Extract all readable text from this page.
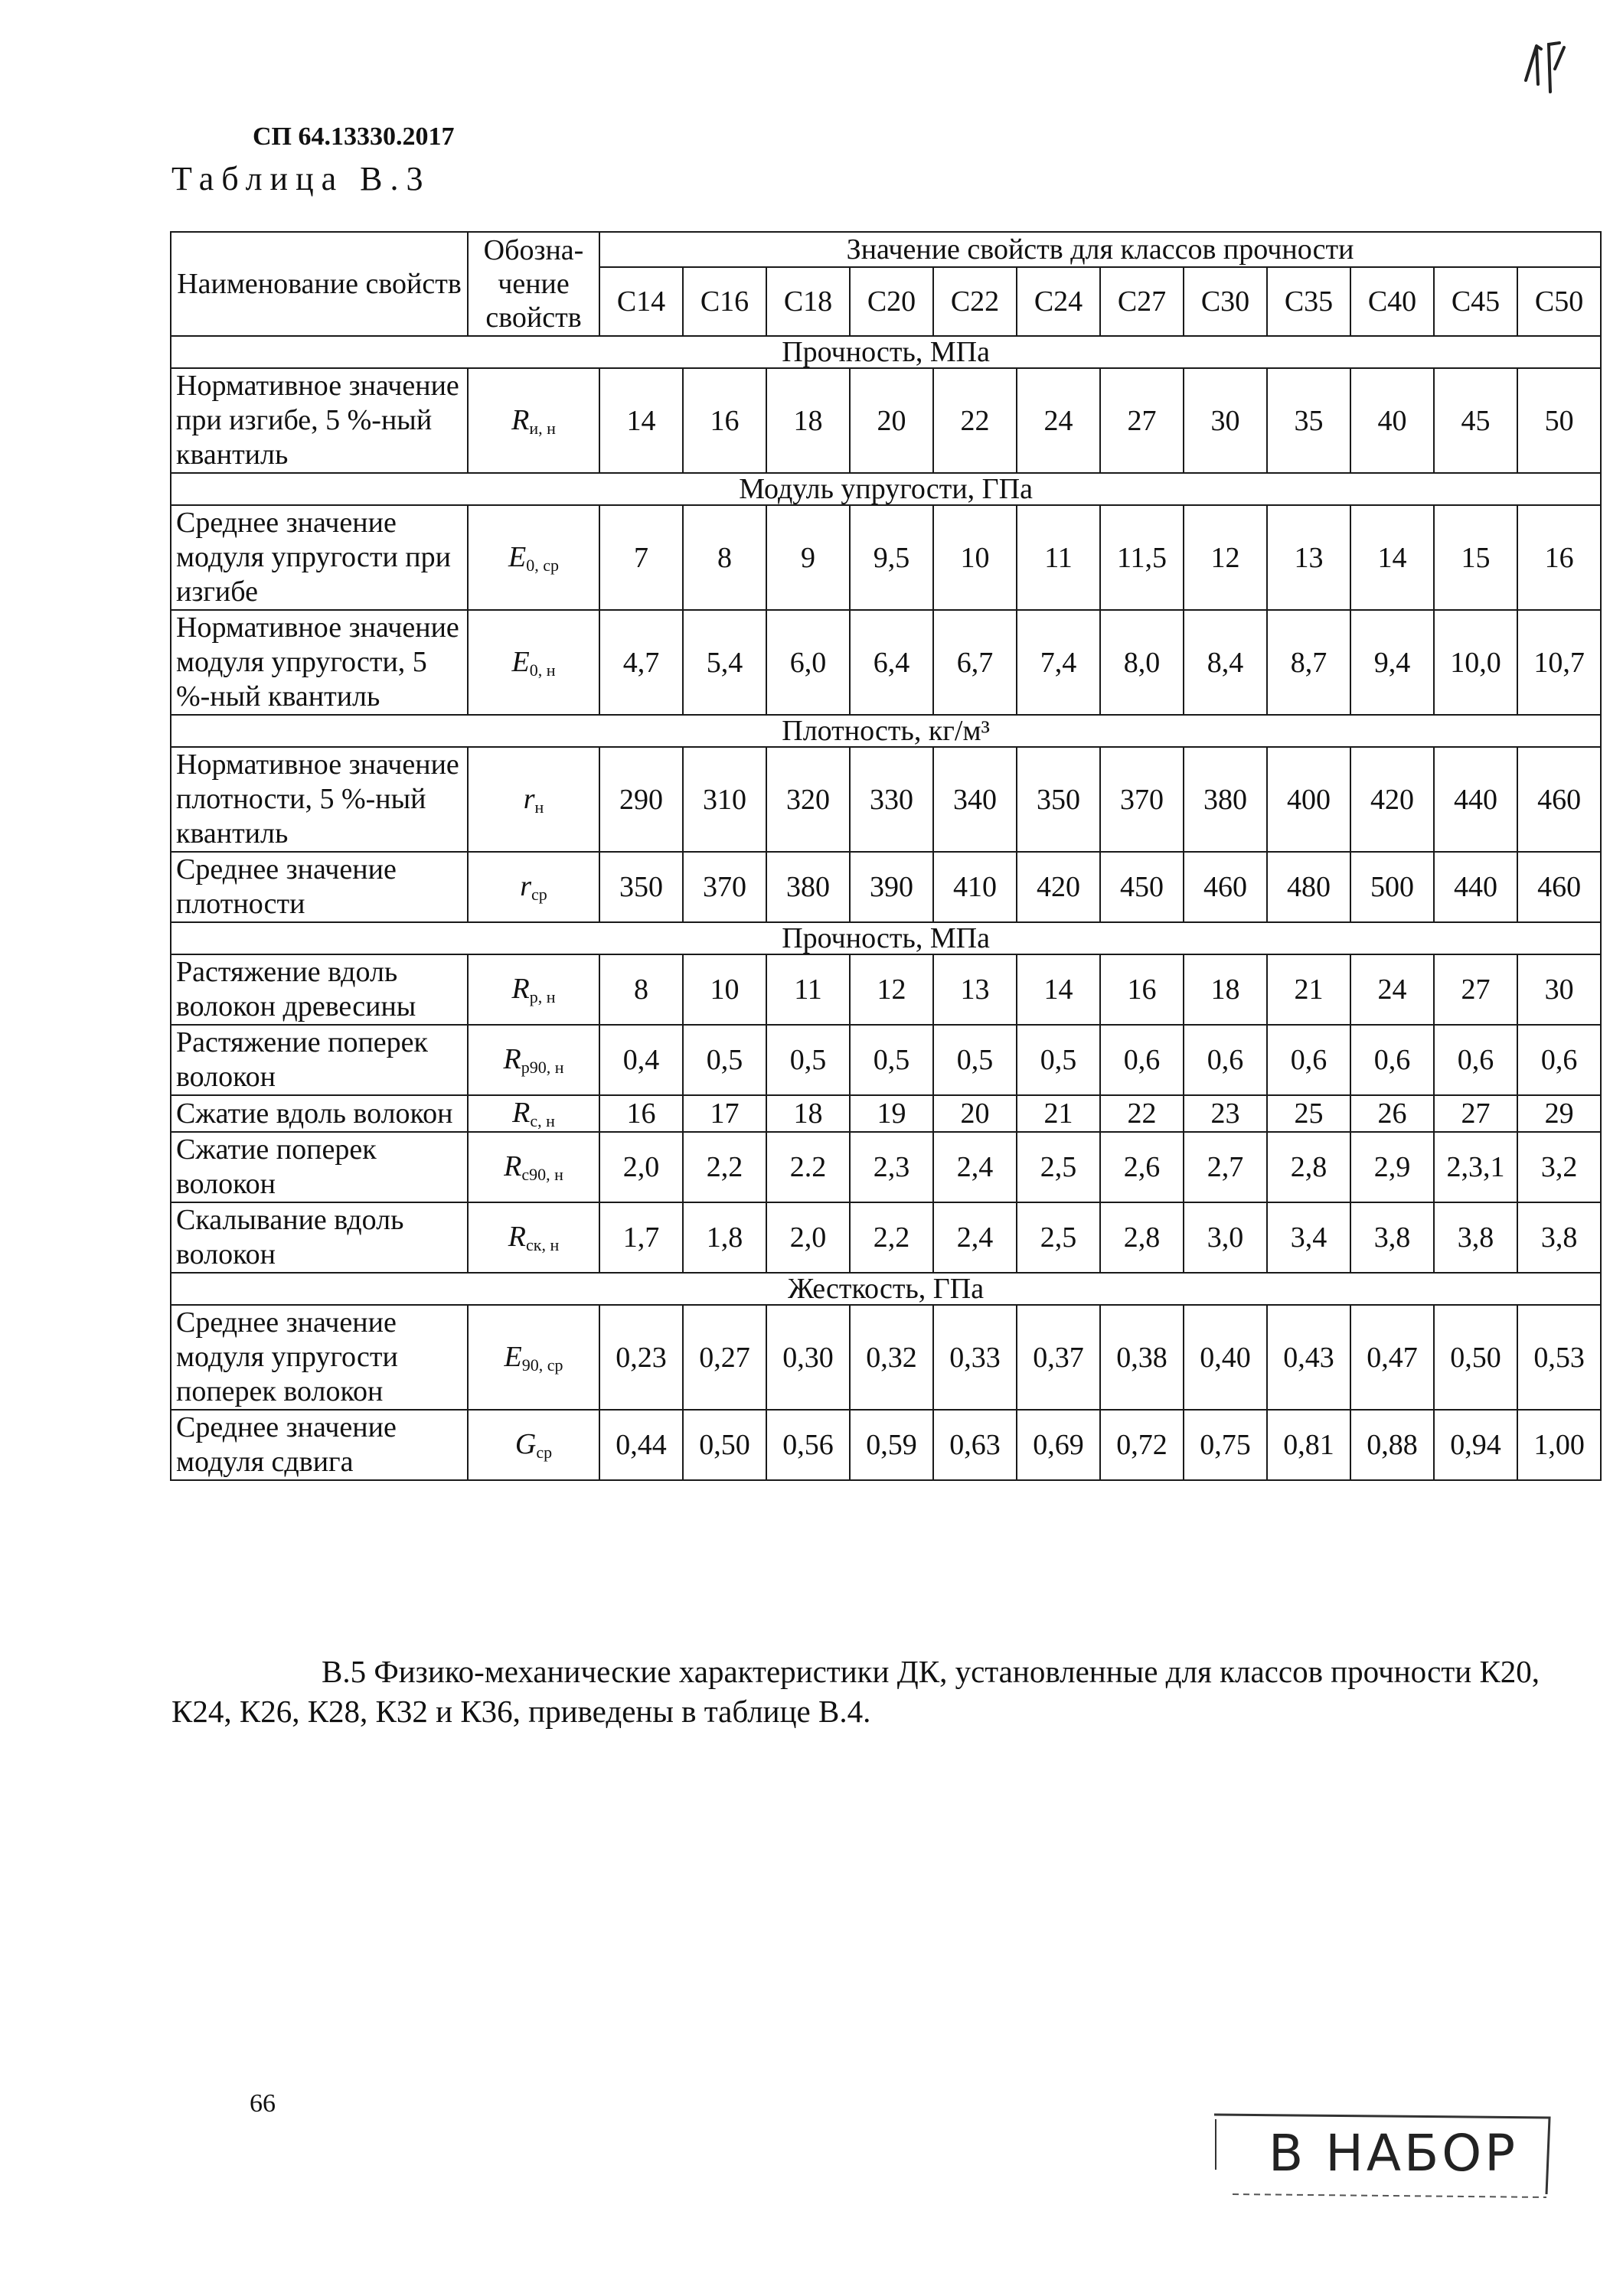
СП 64.13330.2017
Таблица В.3
Наименование свойств	Обозна-чение свойств	Значение свойств для классов прочности											
		С14	С16	С18	С20	С22	С24	С27	С30	С35	С40	С45	С50
Прочность, МПа													
Нормативное значение при изгибе, 5 %-ный квантиль	$R_{и, н}$	14	16	18	20	22	24	27	30	35	40	45	50
Модуль упругости, ГПа													
Среднее значение модуля упругости при изгибе	$E_{0, ср}$	7	8	9	9,5	10	11	11,5	12	13	14	15	16
Нормативное значение модуля упругости, 5 %-ный квантиль	$E_{0, н}$	4,7	5,4	6,0	6,4	6,7	7,4	8,0	8,4	8,7	9,4	10,0	10,7
Плотность, кг/м³													
Нормативное значение плотности, 5 %-ный квантиль	$r_н$	290	310	320	330	340	350	370	380	400	420	440	460
Среднее значение плотности	$r_{ср}$	350	370	380	390	410	420	450	460	480	500	440	460
Прочность, МПа													
Растяжение вдоль волокон древесины	$R_{р, н}$	8	10	11	12	13	14	16	18	21	24	27	30
Растяжение поперек волокон	$R_{р90, н}$	0,4	0,5	0,5	0,5	0,5	0,5	0,6	0,6	0,6	0,6	0,6	0,6
Сжатие вдоль волокон	$R_{с, н}$	16	17	18	19	20	21	22	23	25	26	27	29
Сжатие поперек волокон	$R_{с90, н}$	2,0	2,2	2.2	2,3	2,4	2,5	2,6	2,7	2,8	2,9	2,3,1	3,2
Скалывание вдоль волокон	$R_{ск, н}$	1,7	1,8	2,0	2,2	2,4	2,5	2,8	3,0	3,4	3,8	3,8	3,8
Жесткость, ГПа													
Среднее значение модуля упругости поперек волокон	$E_{90, ср}$	0,23	0,27	0,30	0,32	0,33	0,37	0,38	0,40	0,43	0,47	0,50	0,53
Среднее значение модуля сдвига	$G_{ср}$	0,44	0,50	0,56	0,59	0,63	0,69	0,72	0,75	0,81	0,88	0,94	1,00
В.5 Физико-механические характеристики ДК, установленные для классов прочности К20, К24, К26, К28, К32 и К36, приведены в таблице В.4.
66
В НАБОР
